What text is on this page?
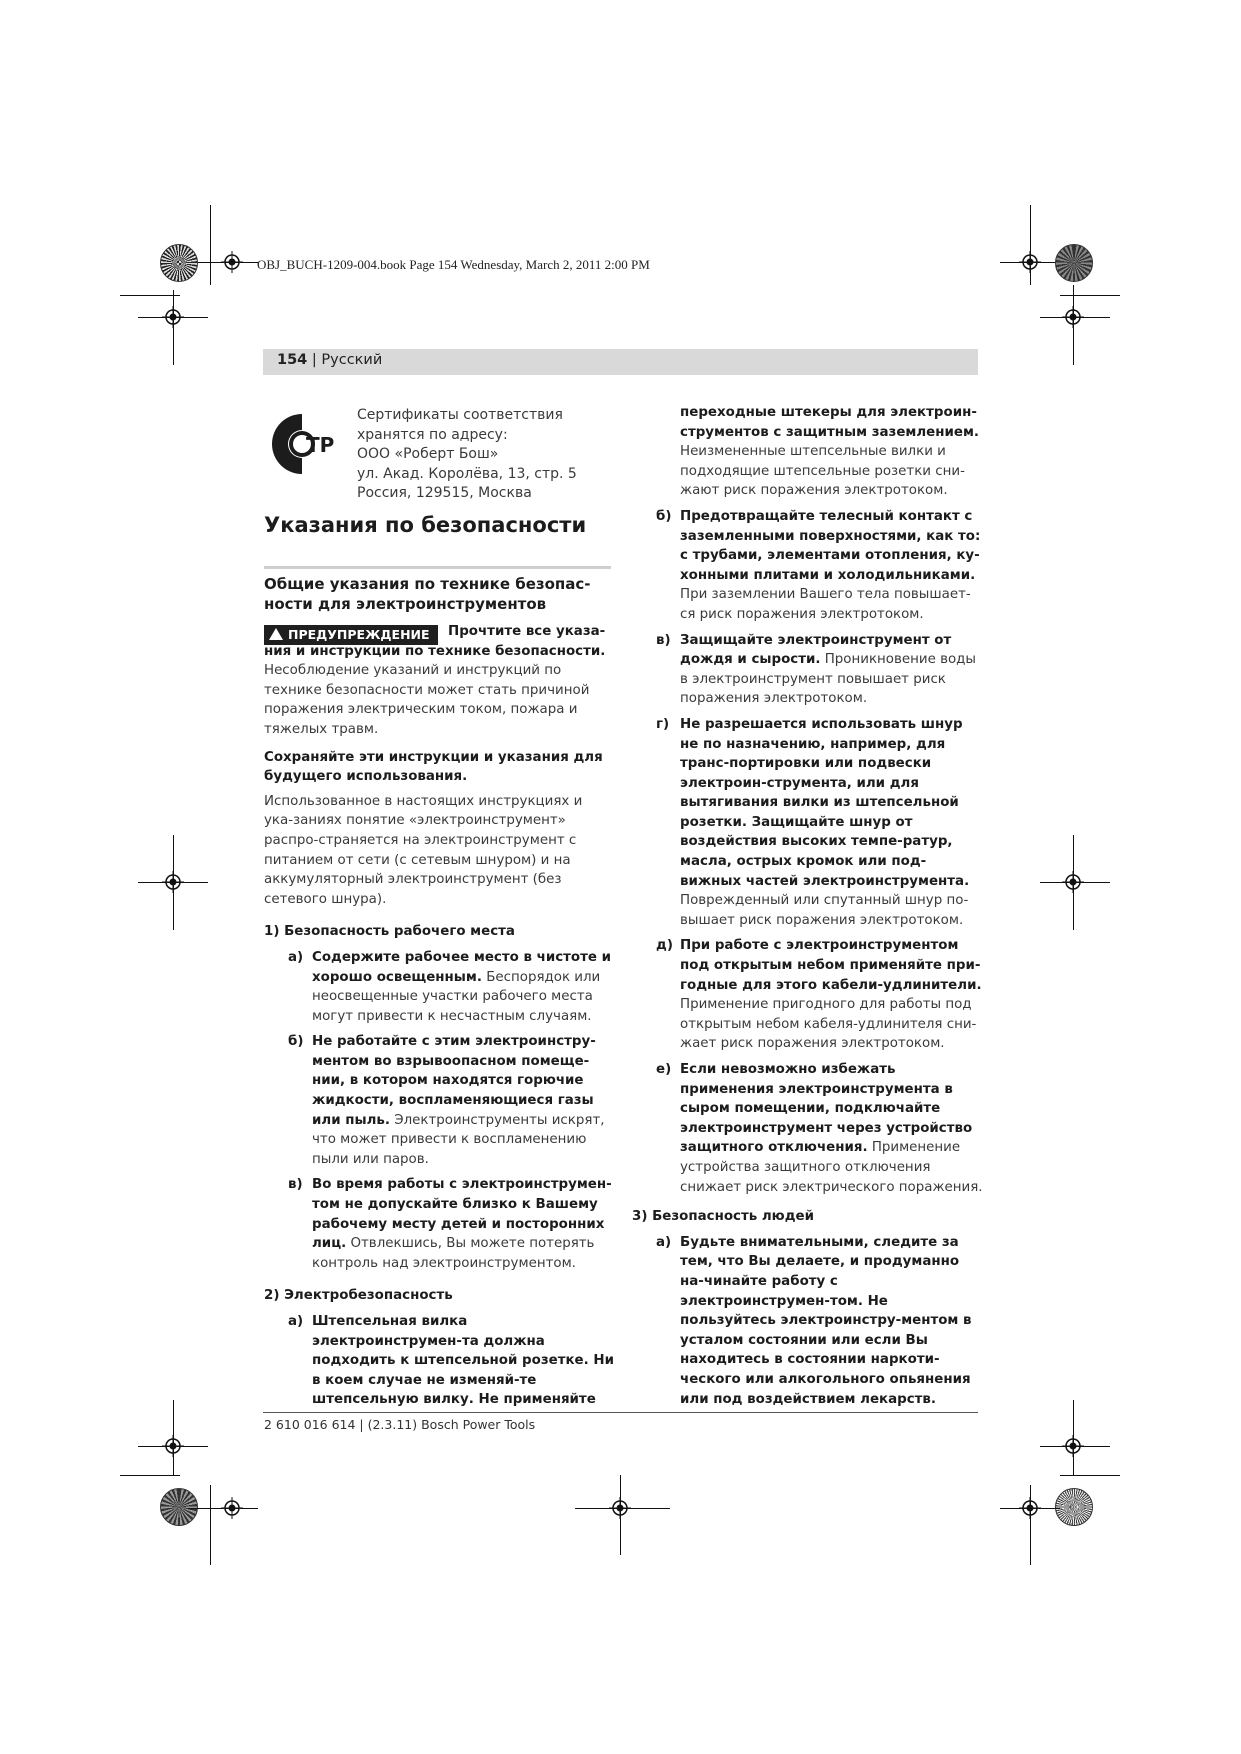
OBJ_BUCH-1209-004.book Page 154 Wednesday, March 2, 2011 2:00 PM
154 | Русский
ТР
Сертификаты соответствия
хранятся по адресу:
ООО «Роберт Бош»
ул. Акад. Королёва, 13, стр. 5
Россия, 129515, Москва
Указания по безопасности
Общие указания по технике безопас-ности для электроинструментов
! ПРЕДУПРЕЖДЕНИЕ	Прочтите все указа-ния и инструкции по технике безопасности. Несоблюдение указаний и инструкций по технике безопасности может стать причиной поражения электрическим током, пожара и тяжелых травм.

Сохраняйте эти инструкции и указания для будущего использования.

Использованное в настоящих инструкциях и ука-заниях понятие «электроинструмент» распро-страняется на электроинструмент с питанием от сети (с сетевым шнуром) и на аккумуляторный электроинструмент (без сетевого шнура).

1) Безопасность рабочего места

а) Содержите рабочее место в чистоте и хорошо освещенным. Беспорядок или неосвещенные участки рабочего места могут привести к несчастным случаям.
б) Не работайте с этим электроинстру-ментом во взрывоопасном помеще-нии, в котором находятся горючие жидкости, воспламеняющиеся газы или пыль. Электроинструменты искрят, что может привести к воспламенению пыли или паров.
в) Во время работы с электроинструмен-том не допускайте близко к Вашему рабочему месту детей и посторонних лиц. Отвлекшись, Вы можете потерять контроль над электроинструментом.

2) Электробезопасность

а) Штепсельная вилка электроинструмен-та должна подходить к штепсельной розетке. Ни в коем случае не изменяй-те штепсельную вилку. Не применяйте
переходные штекеры для электроин-струментов с защитным заземлением. Неизмененные штепсельные вилки и подходящие штепсельные розетки сни-жают риск поражения электротоком.
б) Предотвращайте телесный контакт с заземленными поверхностями, как то: с трубами, элементами отопления, ку-хонными плитами и холодильниками. При заземлении Вашего тела повышает-ся риск поражения электротоком.
в) Защищайте электроинструмент от дождя и сырости. Проникновение воды в электроинструмент повышает риск поражения электротоком.
г) Не разрешается использовать шнур не по назначению, например, для транс-портировки или подвески электроин-струмента, или для вытягивания вилки из штепсельной розетки. Защищайте шнур от воздействия высоких темпе-ратур, масла, острых кромок или под-вижных частей электроинструмента. Поврежденный или спутанный шнур по-вышает риск поражения электротоком.
д) При работе с электроинструментом под открытым небом применяйте при-годные для этого кабели-удлинители. Применение пригодного для работы под открытым небом кабеля-удлинителя сни-жает риск поражения электротоком.
е) Если невозможно избежать применения электроинструмента в сыром помещении, подключайте электроинструмент через устройство защитного отключения. Применение устройства защитного отключения снижает риск электрического поражения.

3) Безопасность людей

а) Будьте внимательными, следите за тем, что Вы делаете, и продуманно на-чинайте работу с электроинструмен-том. Не пользуйтесь электроинстру-ментом в усталом состоянии или если Вы находитесь в состоянии наркоти-ческого или алкогольного опьянения или под воздействием лекарств.
2 610 016 614 | (2.3.11) Bosch Power Tools
